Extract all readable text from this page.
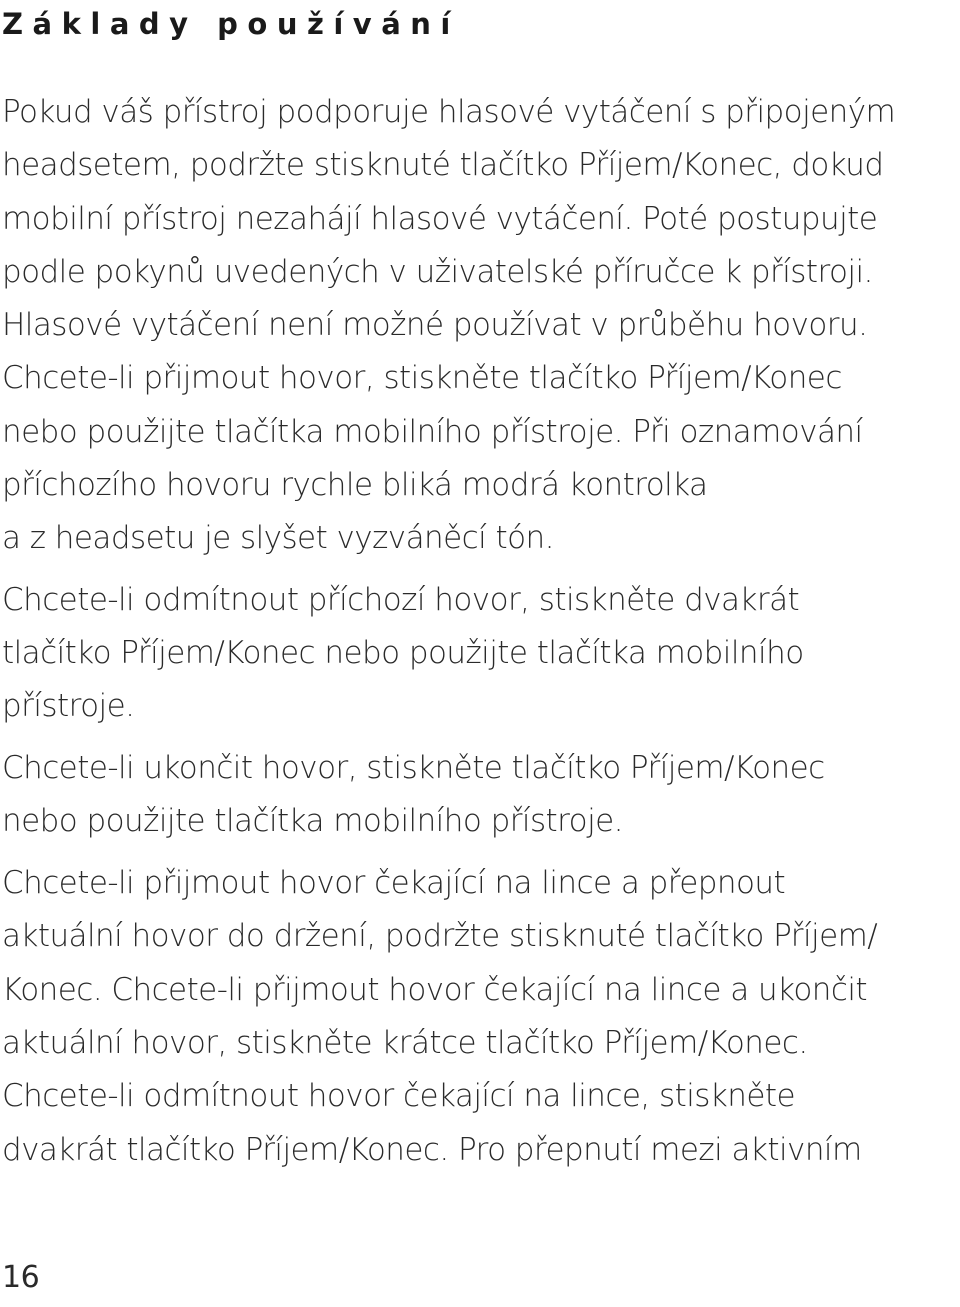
Základy používání

Pokud váš přístroj podporuje hlasové vytáčení s připojeným
headsetem, podržte stisknuté tlačítko Příjem/Konec, dokud
mobilní přístroj nezahájí hlasové vytáčení. Poté postupujte
podle pokynů uvedených v uživatelské příručce k přístroji.
Hlasové vytáčení není možné používat v průběhu hovoru.

Chcete-li přijmout hovor, stiskněte tlačítko Příjem/Konec
nebo použijte tlačítka mobilního přístroje. Při oznamování
příchozího hovoru rychle bliká modrá kontrolka
a z headsetu je slyšet vyzváněcí tón.

Chcete-li odmítnout příchozí hovor, stiskněte dvakrát
tlačítko Příjem/Konec nebo použijte tlačítka mobilního
přístroje.

Chcete-li ukončit hovor, stiskněte tlačítko Příjem/Konec
nebo použijte tlačítka mobilního přístroje.

Chcete-li přijmout hovor čekající na lince a přepnout
aktuální hovor do držení, podržte stisknuté tlačítko Příjem/
Konec. Chcete-li přijmout hovor čekající na lince a ukončit
aktuální hovor, stiskněte krátce tlačítko Příjem/Konec.
Chcete-li odmítnout hovor čekající na lince, stiskněte
dvakrát tlačítko Příjem/Konec. Pro přepnutí mezi aktivním

16
